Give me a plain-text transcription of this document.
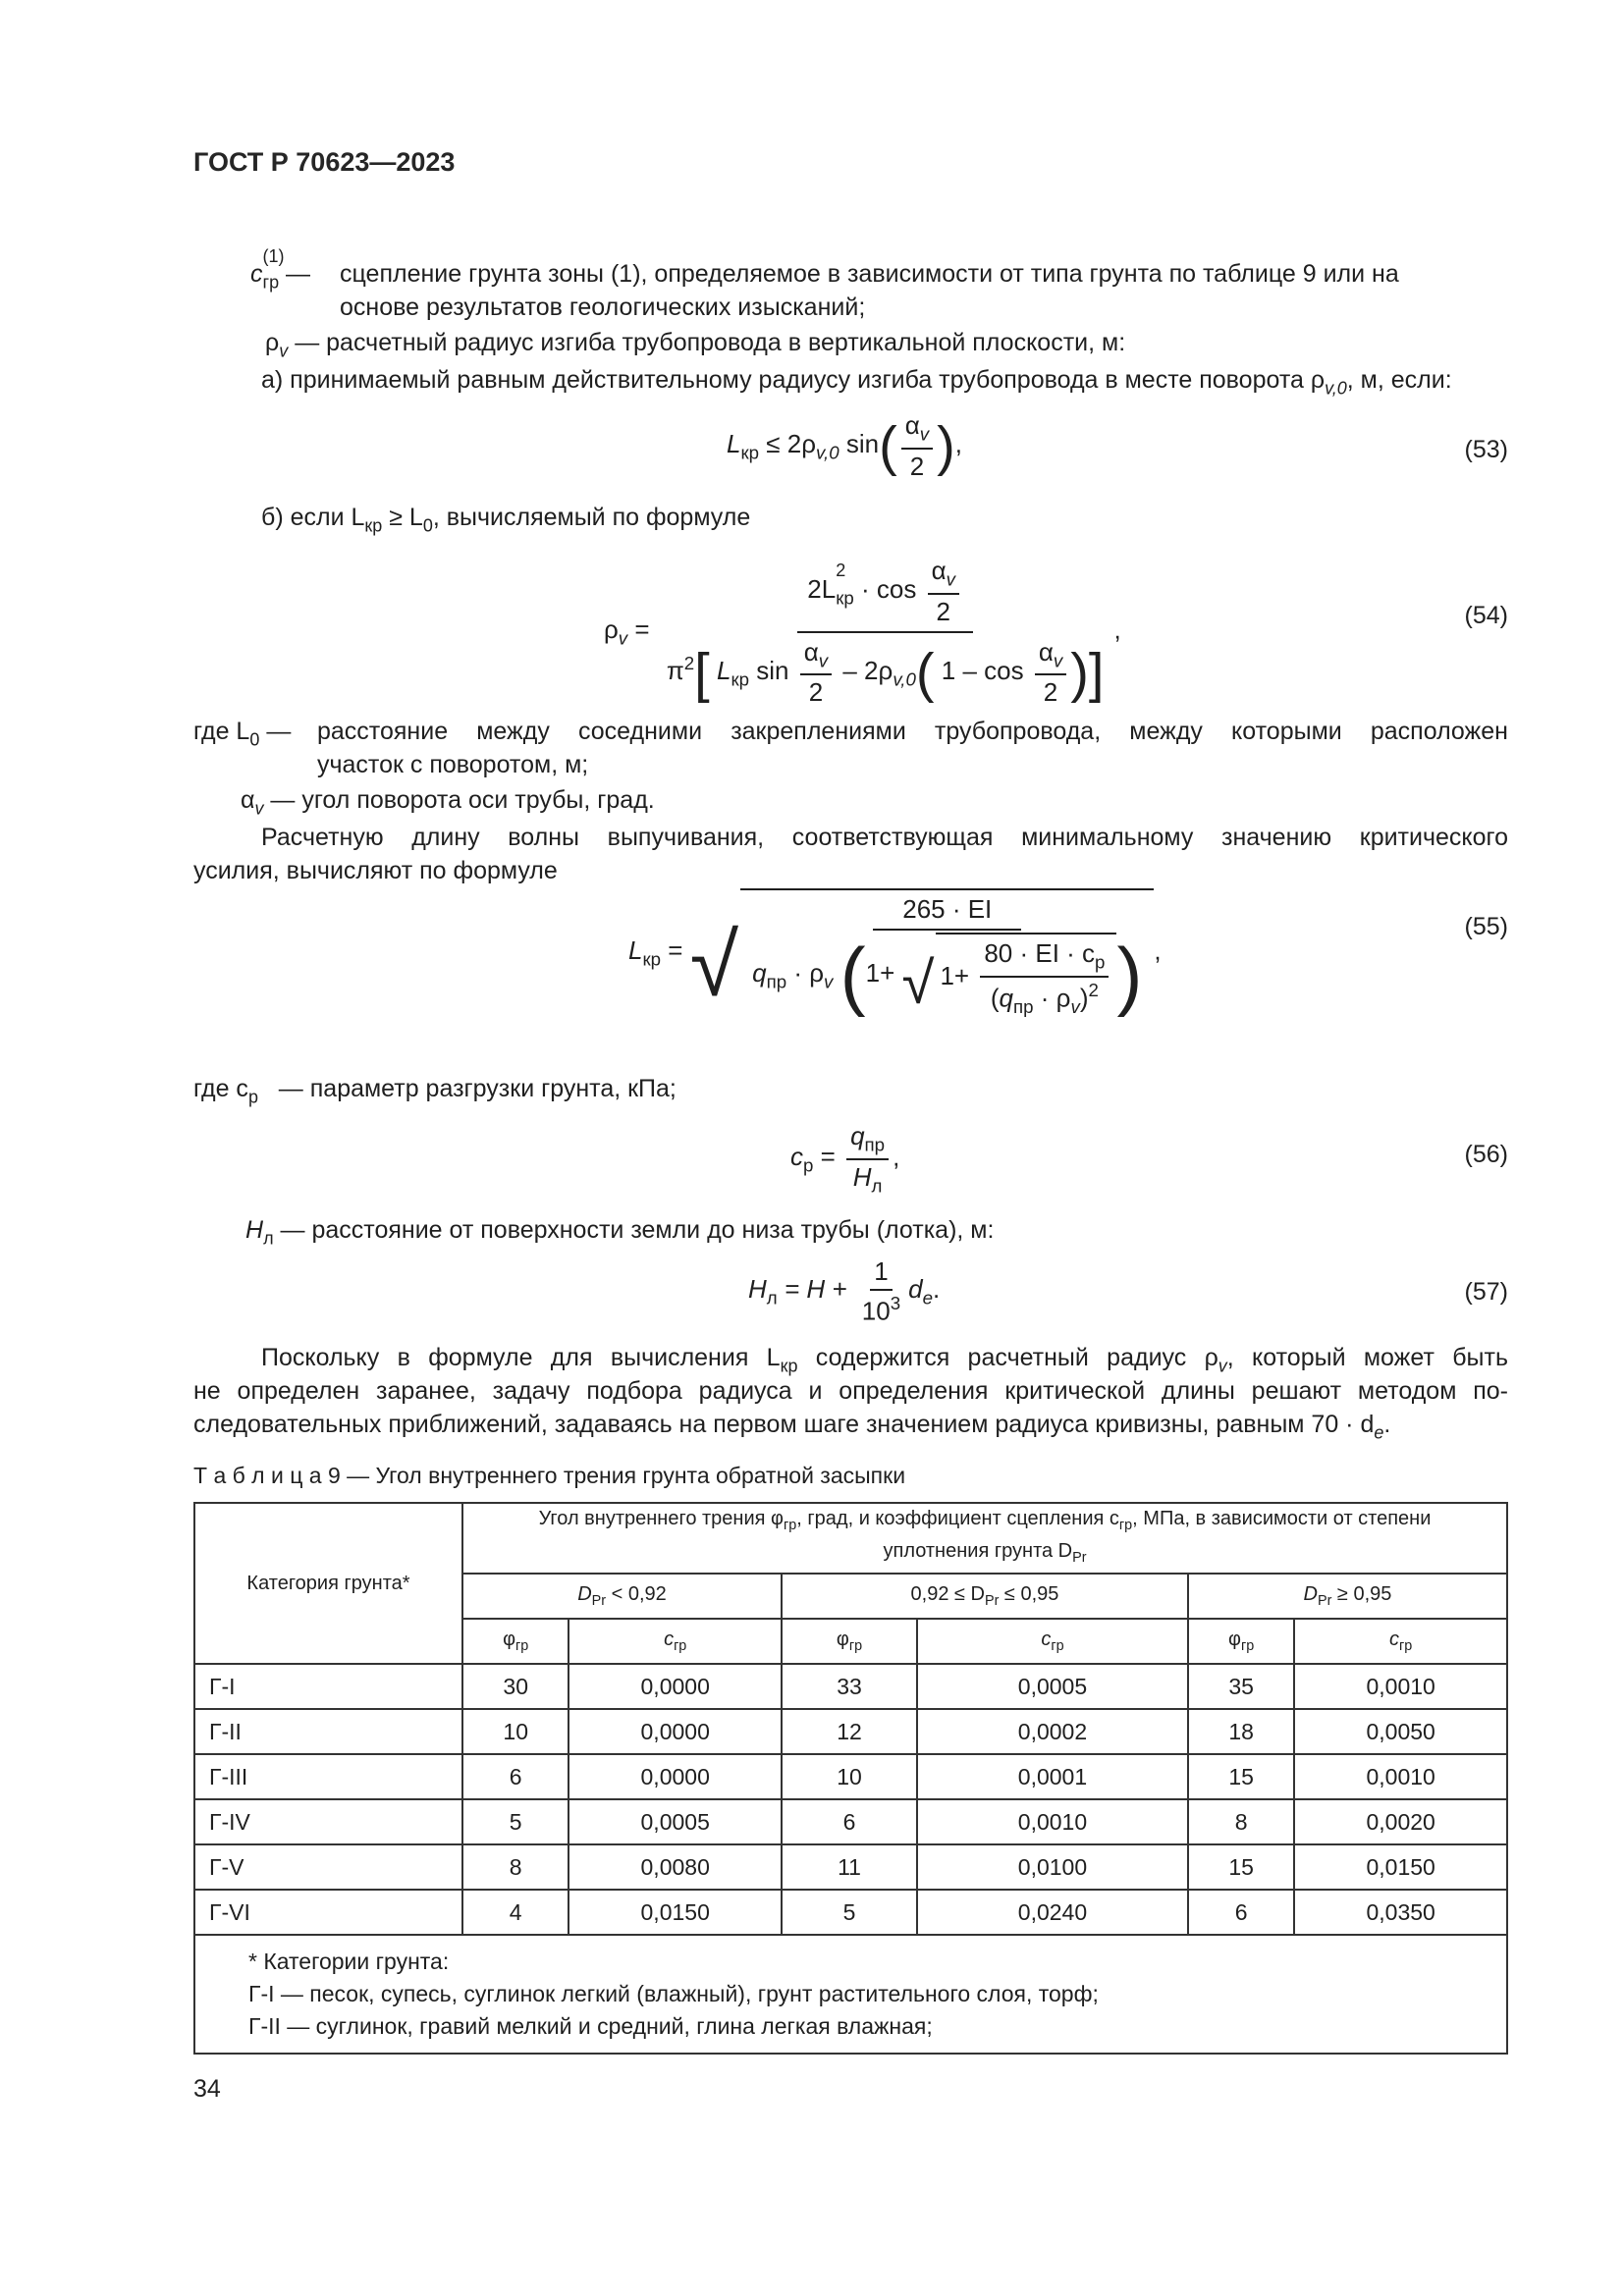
ГОСТ Р 70623—2023
$c_{гр}$
(1)
—	сцепление грунта зоны (1), определяемое в зависимости от типа грунта по таблице 9 или на
основе результатов геологических изысканий;
$\rho_v$ — расчетный радиус изгиба трубопровода в вертикальной плоскости, м:
а) принимаемый равным действительному радиусу изгиба трубопровода в месте поворота $\rho_{v,0}$, м, если:
$L_{кр} \le 2\rho_{v,0}$ $\sin( \frac{\alpha_v}{2}$ ),	(53)
б) если $L_{кр} \ge L_0$, вычисляемый по формуле
$\rho_v$ =
$2L_{кр}$
2
· $\cos \frac{\alpha_v}{2}$
$\pi^2$[ $L_{кр}$ $\sin \frac{\alpha_v}{2} - 2\rho_{v,0}$( $1 - \cos \frac{\alpha_v}{2}$ )]
,	(54)
где $L_0$ —	расстояние между соседними закреплениями трубопровода, между которыми расположен
участок с поворотом, м;
$\alpha_v$ — угол поворота оси трубы, град.
Расчетную длину волны выпучивания, соответствующая минимальному значению критического
усилия, вычисляют по формуле
$L_{кр}$ = √
265 · EI
$q_{пр} \cdot \rho_v$ (1+ √ $1+ \frac{80 \cdot EI \cdot c_р}{(q_{пр} \cdot \rho_v)^2}$ ) ,
(55)
где $c_р$ — параметр разгрузки грунта, кПа;
$c_р = \frac{q_{пр}}{H_л}$ ,	(56)
$H_л$ — расстояние от поверхности земли до низа трубы (лотка), м:
$H_л = H + \frac{1}{10^3} d_e$.	(57)
Поскольку в формуле для вычисления $L_{кр}$ содержится расчетный радиус $\rho_v$, который может быть
не определен заранее, задачу подбора радиуса и определения критической длины решают методом по-
следовательных приближений, задаваясь на первом шаге значением радиуса кривизны, равным $70 \cdot d_e$.
Т а б л и ц а 9 — Угол внутреннего трения грунта обратной засыпки
Категория грунта*	Угол внутреннего трения $\varphi_{гр}$, град, и коэффициент сцепления $c_{гр}$, МПа, в зависимости от степени
уплотнения грунта $D_{Pr}$
	$D_{Pr} < 0,92$		$0,92 \le D_{Pr} \le 0,95$		$D_{Pr} \ge 0,95$	
	$\varphi_{гр}$	$c_{гр}$	$\varphi_{гр}$	$c_{гр}$	$\varphi_{гр}$	$c_{гр}$
Г-I	30	0,0000	33	0,0005	35	0,0010
Г-II	10	0,0000	12	0,0002	18	0,0050
Г-III	6	0,0000	10	0,0001	15	0,0010
Г-IV	5	0,0005	6	0,0010	8	0,0020
Г-V	8	0,0080	11	0,0100	15	0,0150
Г-VI	4	0,0150	5	0,0240	6	0,0350

* Категории грунта:
Г-I — песок, супесь, суглинок легкий (влажный), грунт растительного слоя, торф;
Г-II — суглинок, гравий мелкий и средний, глина легкая влажная;						
34
